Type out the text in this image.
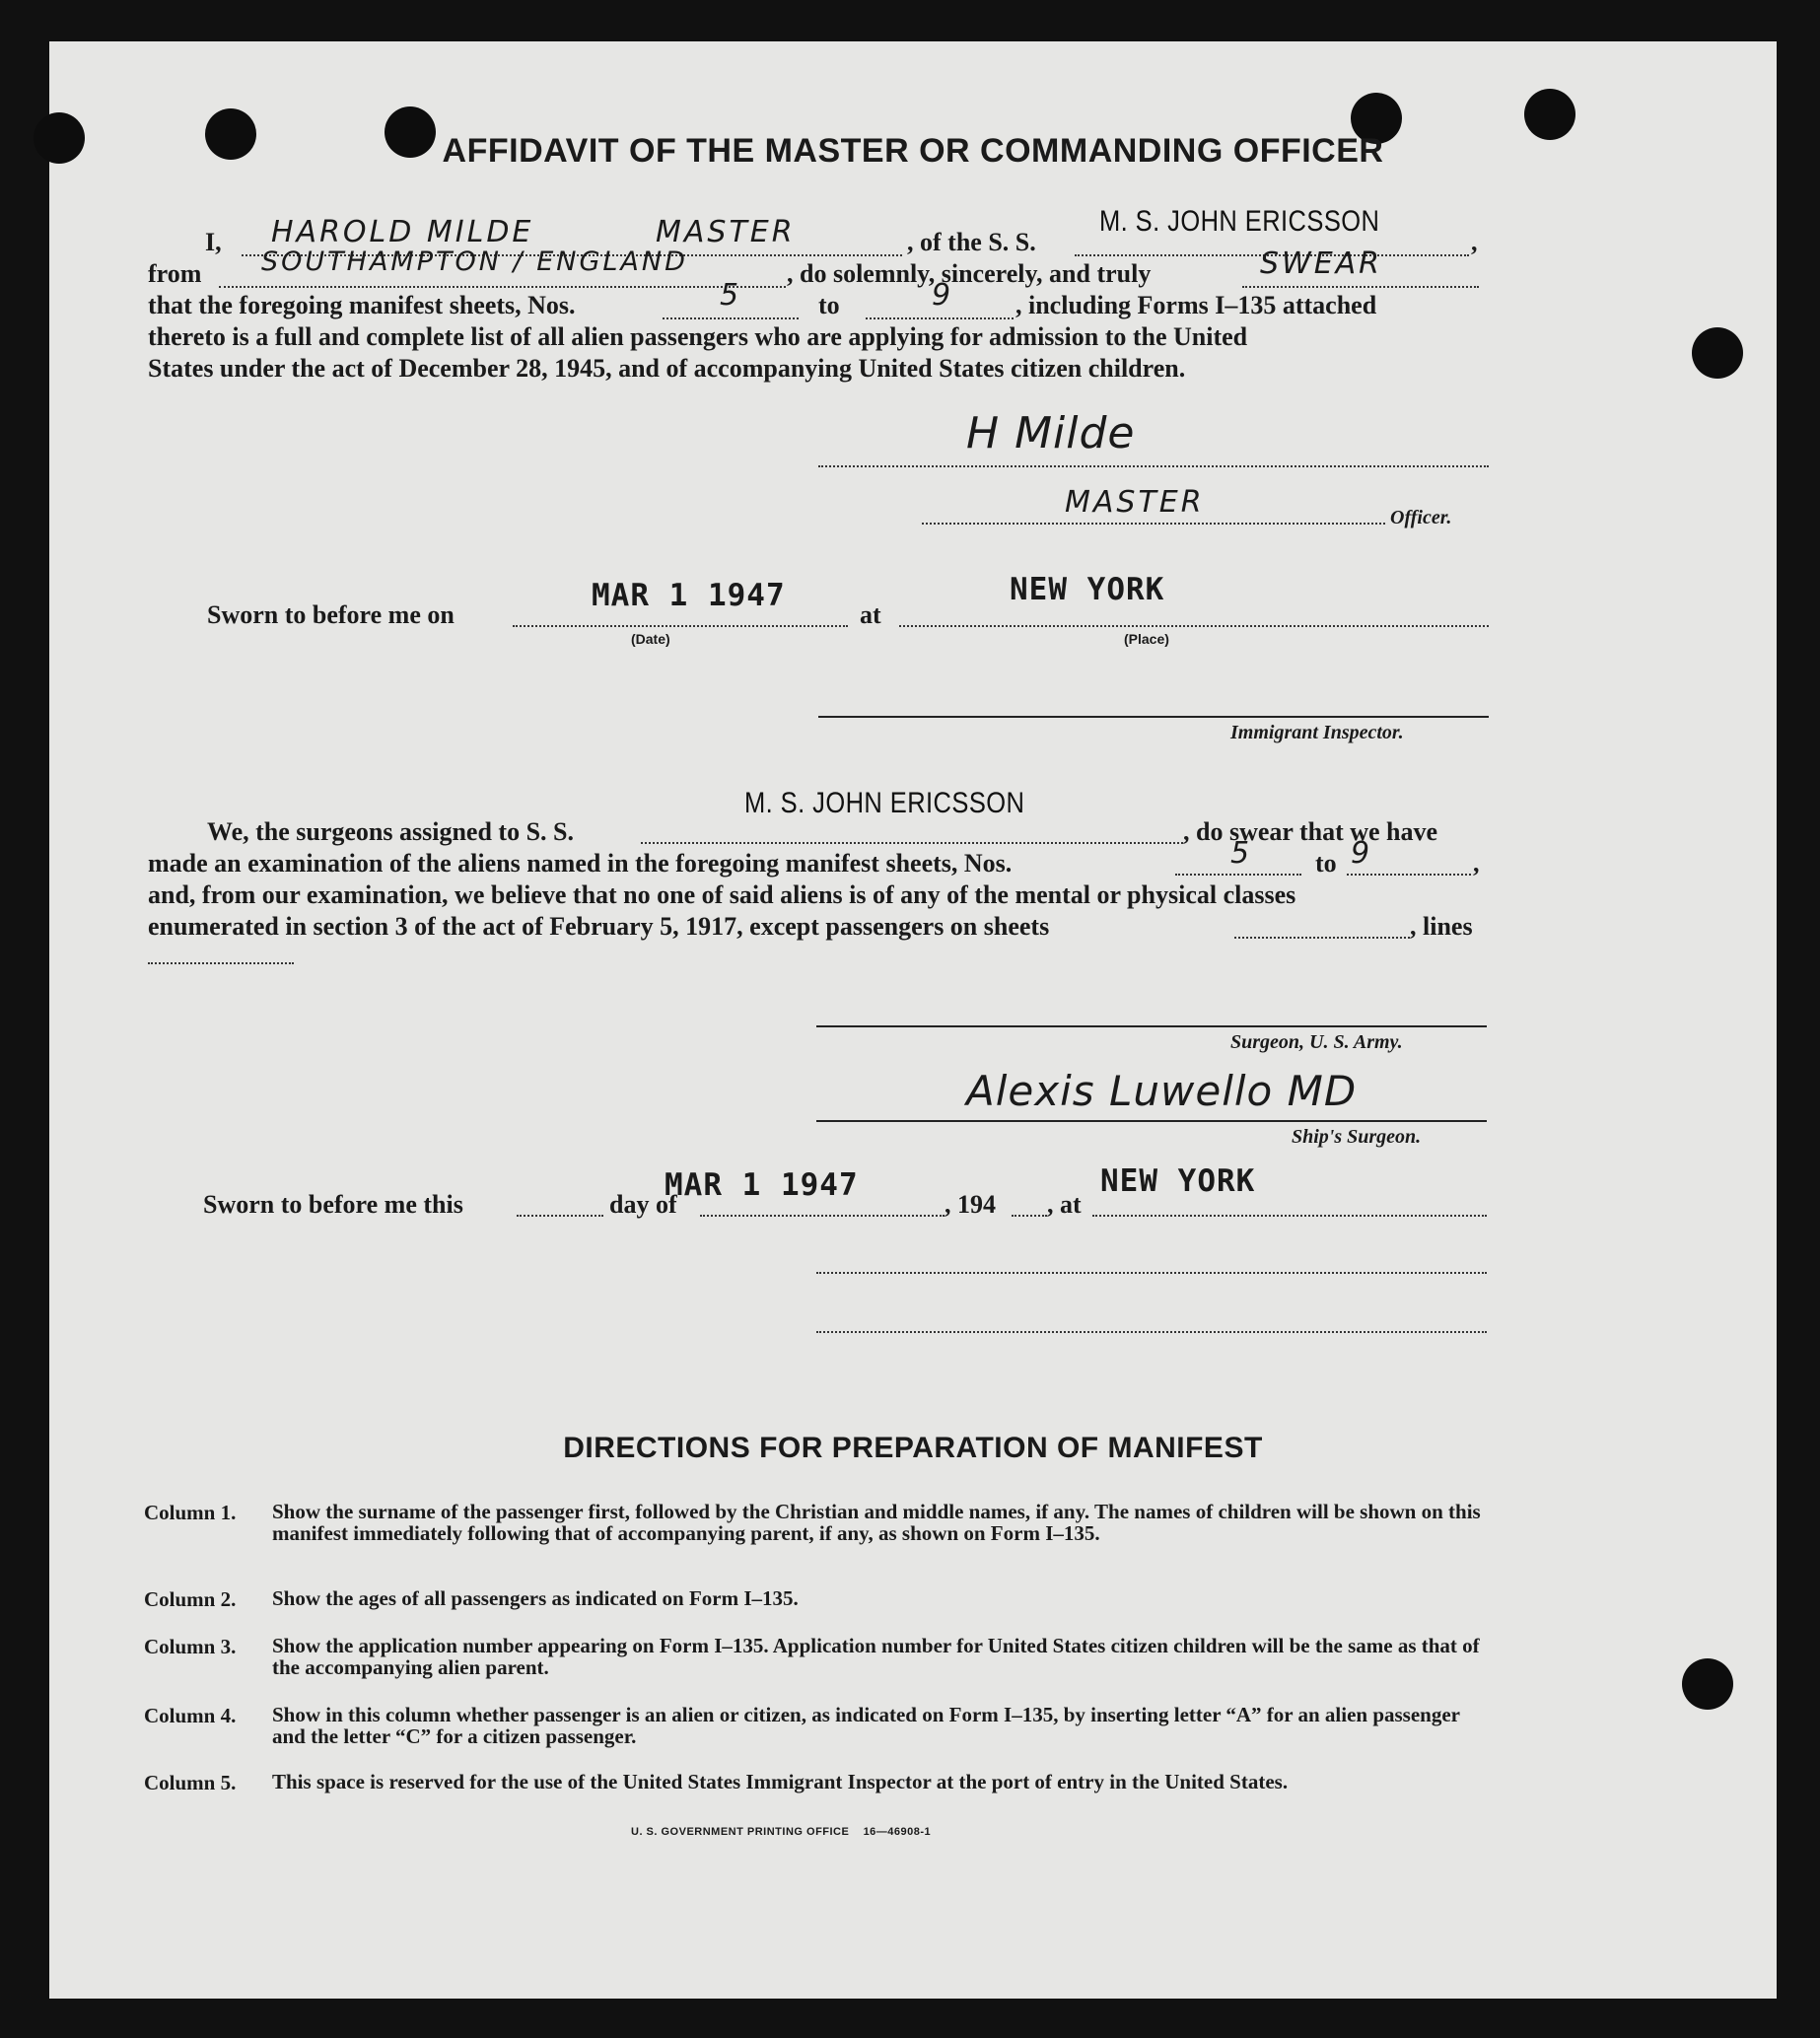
AFFIDAVIT OF THE MASTER OR COMMANDING OFFICER
I, HAROLD MILDE	MASTER	, of the S. S.
M. S. JOHN ERICSSON
,
from SOUTHAMPTON / ENGLAND	, do solemnly, sincerely, and truly	SWEAR
that the foregoing manifest sheets, Nos.	5	to	9 , including Forms I–135 attached
thereto is a full and complete list of all alien passengers who are applying for admission to the United
States under the act of December 28, 1945, and of accompanying United States citizen children.
H Milde
MASTER	Officer.
Sworn to before me on
MAR 1 1947
(Date)
at
NEW YORK
(Place)
Immigrant Inspector.
M. S. JOHN ERICSSON
We, the surgeons assigned to S. S.	, do swear that we have
made an examination of the aliens named in the foregoing manifest sheets, Nos.	5 to 9	,
and, from our examination, we believe that no one of said aliens is of any of the mental or physical classes
enumerated in section 3 of the act of February 5, 1917, except passengers on sheets	, lines
Surgeon, U. S. Army.
Alexis Luwello MD
Ship's Surgeon.
Sworn to before me this	day of
MAR 1 1947
, 194 , at
NEW YORK
DIRECTIONS FOR PREPARATION OF MANIFEST
Column 1. Show the surname of the passenger first, followed by the Christian and middle names, if any. The names of children will be shown on this manifest immediately following that of accompanying parent, if any, as shown on Form I–135.
Column 2. Show the ages of all passengers as indicated on Form I–135.
Column 3. Show the application number appearing on Form I–135. Application number for United States citizen children will be the same as that of the accompanying alien parent.
Column 4. Show in this column whether passenger is an alien or citizen, as indicated on Form I–135, by inserting letter “A” for an alien passenger and the letter “C” for a citizen passenger.
Column 5. This space is reserved for the use of the United States Immigrant Inspector at the port of entry in the United States.
U. S. GOVERNMENT PRINTING OFFICE    16—46908-1
